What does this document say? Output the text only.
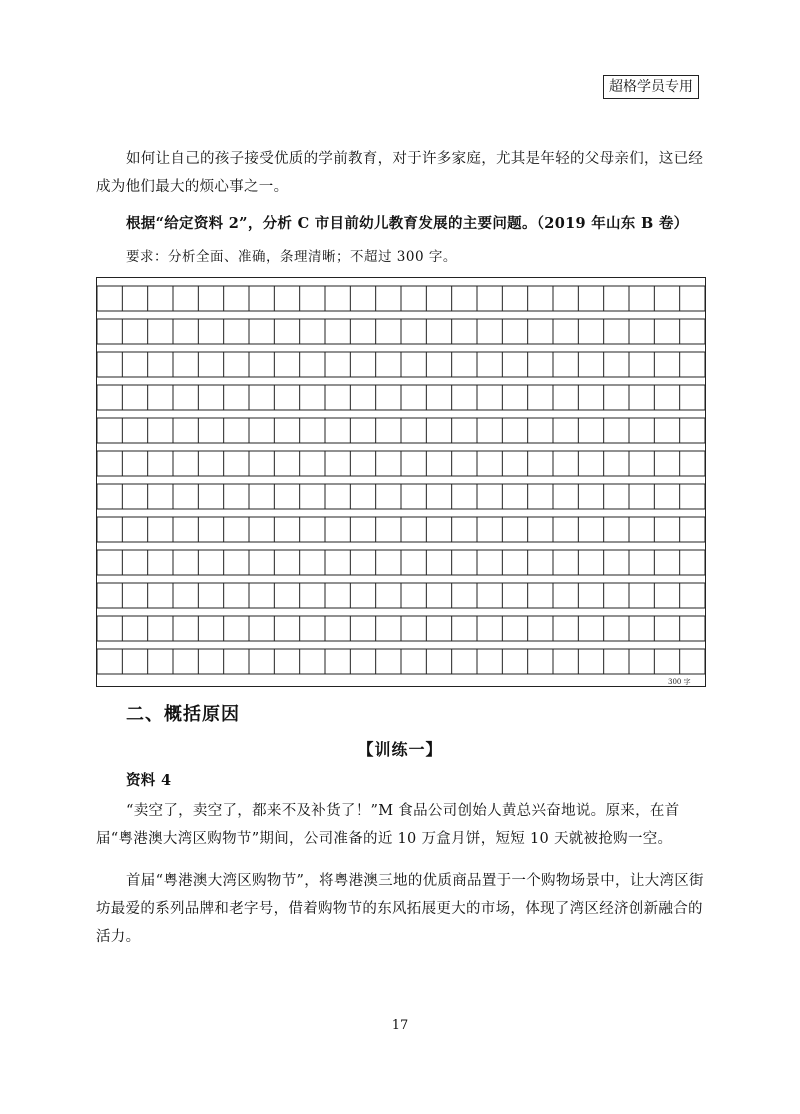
超格学员专用

如何让自己的孩子接受优质的学前教育，对于许多家庭，尤其是年轻的父母亲们，这已经成为他们最大的烦心事之一。

根据“给定资料 2”，分析 C 市目前幼儿教育发展的主要问题。（2019 年山东 B 卷）

要求：分析全面、准确，条理清晰；不超过 300 字。
300 字
二、概括原因
【训练一】

资料 4

“卖空了，卖空了，都来不及补货了！”M 食品公司创始人黄总兴奋地说。原来，在首届“粤港澳大湾区购物节”期间，公司准备的近 10 万盒月饼，短短 10 天就被抢购一空。

首届“粤港澳大湾区购物节”，将粤港澳三地的优质商品置于一个购物场景中，让大湾区街坊最爱的系列品牌和老字号，借着购物节的东风拓展更大的市场，体现了湾区经济创新融合的活力。

17
